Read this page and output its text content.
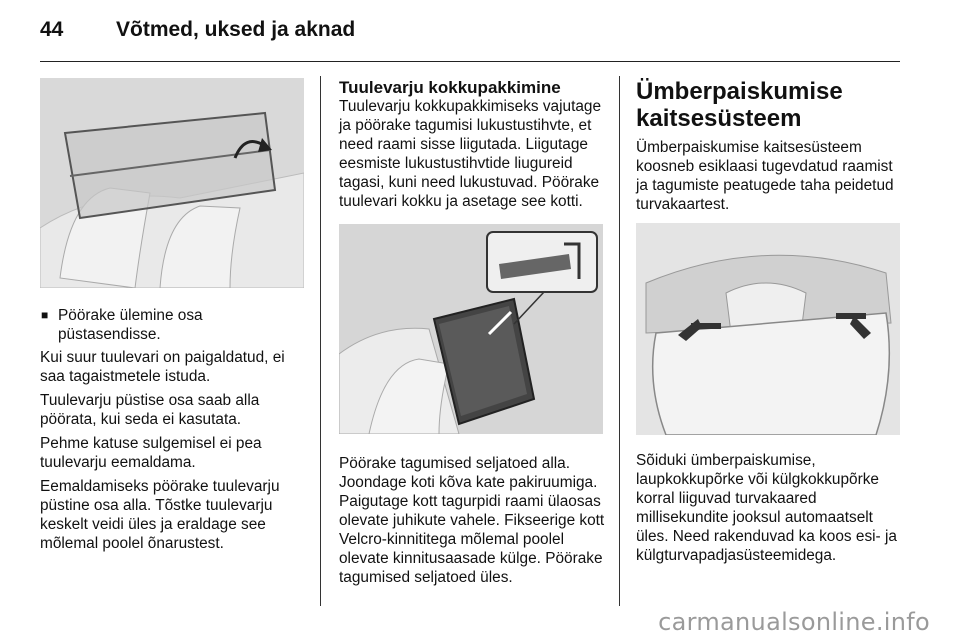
44	Võtmed, uksed ja aknad

■ Pöörake ülemine osa püstasendisse.

Kui suur tuulevari on paigaldatud, ei saa tagaistmetele istuda.

Tuulevarju püstise osa saab alla pöörata, kui seda ei kasutata.

Pehme katuse sulgemisel ei pea tuulevarju eemaldama.

Eemaldamiseks pöörake tuulevarju püstine osa alla. Tõstke tuulevarju keskelt veidi üles ja eraldage see mõlemal poolel õnarustest.

Tuulevarju kokkupakkimine

Tuulevarju kokkupakkimiseks vajutage ja pöörake tagumisi lukustustihvte, et need raami sisse liigutada. Liigutage eesmiste lukustustihvtide liugureid tagasi, kuni need lukustuvad. Pöörake tuulevari kokku ja asetage see kotti.

Pöörake tagumised seljatoed alla. Joondage koti kõva kate pakiruumiga. Paigutage kott tagurpidi raami ülaosas olevate juhikute vahele. Fikseerige kott Velcro-kinnititega mõlemal poolel olevate kinnitusaasade külge. Pöörake tagumised seljatoed üles.

Ümberpaiskumise kaitsesüsteem

Ümberpaiskumise kaitsesüsteem koosneb esiklaasi tugevdatud raamist ja tagumiste peatugede taha peidetud turvakaartest.

Sõiduki ümberpaiskumise, laupkokkupõrke või külgkokkupõrke korral liiguvad turvakaared millisekundite jooksul automaatselt üles. Need rakenduvad ka koos esi- ja külgturvapadjasüsteemidega.

carmanualsonline.info
